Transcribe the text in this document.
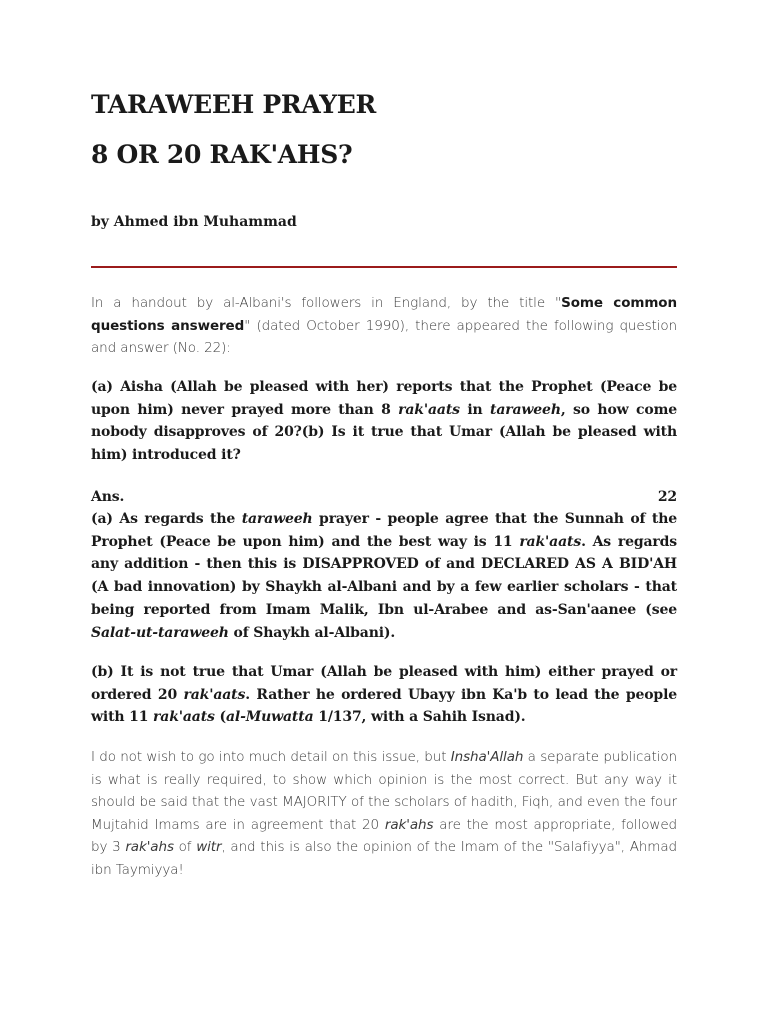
TARAWEEH PRAYER
8 OR 20 RAK'AHS?

by Ahmed ibn Muhammad

In a handout by al-Albani's followers in England, by the title "Some common questions answered" (dated October 1990), there appeared the following question and answer (No. 22):

(a) Aisha (Allah be pleased with her) reports that the Prophet (Peace be upon him) never prayed more than 8 rak'aats in taraweeh, so how come nobody disapproves of 20?(b) Is it true that Umar (Allah be pleased with him) introduced it?

Ans.	22

(a) As regards the taraweeh prayer - people agree that the Sunnah of the Prophet (Peace be upon him) and the best way is 11 rak'aats. As regards any addition - then this is DISAPPROVED of and DECLARED AS A BID'AH (A bad innovation) by Shaykh al-Albani and by a few earlier scholars - that being reported from Imam Malik, Ibn ul-Arabee and as-San'aanee (see Salat-ut-taraweeh of Shaykh al-Albani).

(b) It is not true that Umar (Allah be pleased with him) either prayed or ordered 20 rak'aats. Rather he ordered Ubayy ibn Ka'b to lead the people with 11 rak'aats (al-Muwatta 1/137, with a Sahih Isnad).

I do not wish to go into much detail on this issue, but Insha'Allah a separate publication is what is really required, to show which opinion is the most correct. But any way it should be said that the vast MAJORITY of the scholars of hadith, Fiqh, and even the four Mujtahid Imams are in agreement that 20 rak'ahs are the most appropriate, followed by 3 rak'ahs of witr, and this is also the opinion of the Imam of the "Salafiyya", Ahmad ibn Taymiyya!
